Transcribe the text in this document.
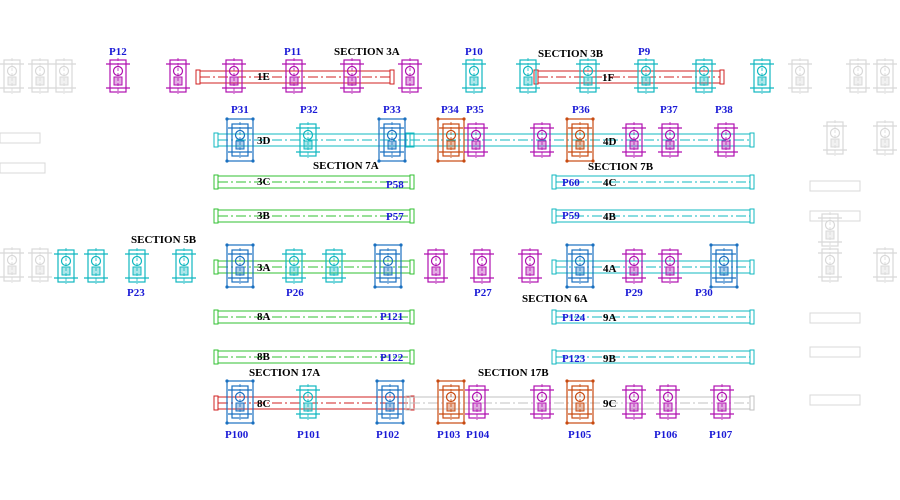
SECTION 3A	SECTION 3B
SECTION 7A	SECTION 7B
SECTION 5B
SECTION 6A
SECTION 17A	SECTION 17B
1E	1F
3D	4D
3C	4C
3B	4B
3A	4A
8A	9A
8B	9B
8C	9C
P12	P11	P10	P9
P31	P32	P33	P34 P35	P36	P37	P38
P58	P60
P57	P59
P23	P26	P27	P29	P30
P121	P124
P122	P123
P100	P101	P102	P103 P104	P105	P106	P107
